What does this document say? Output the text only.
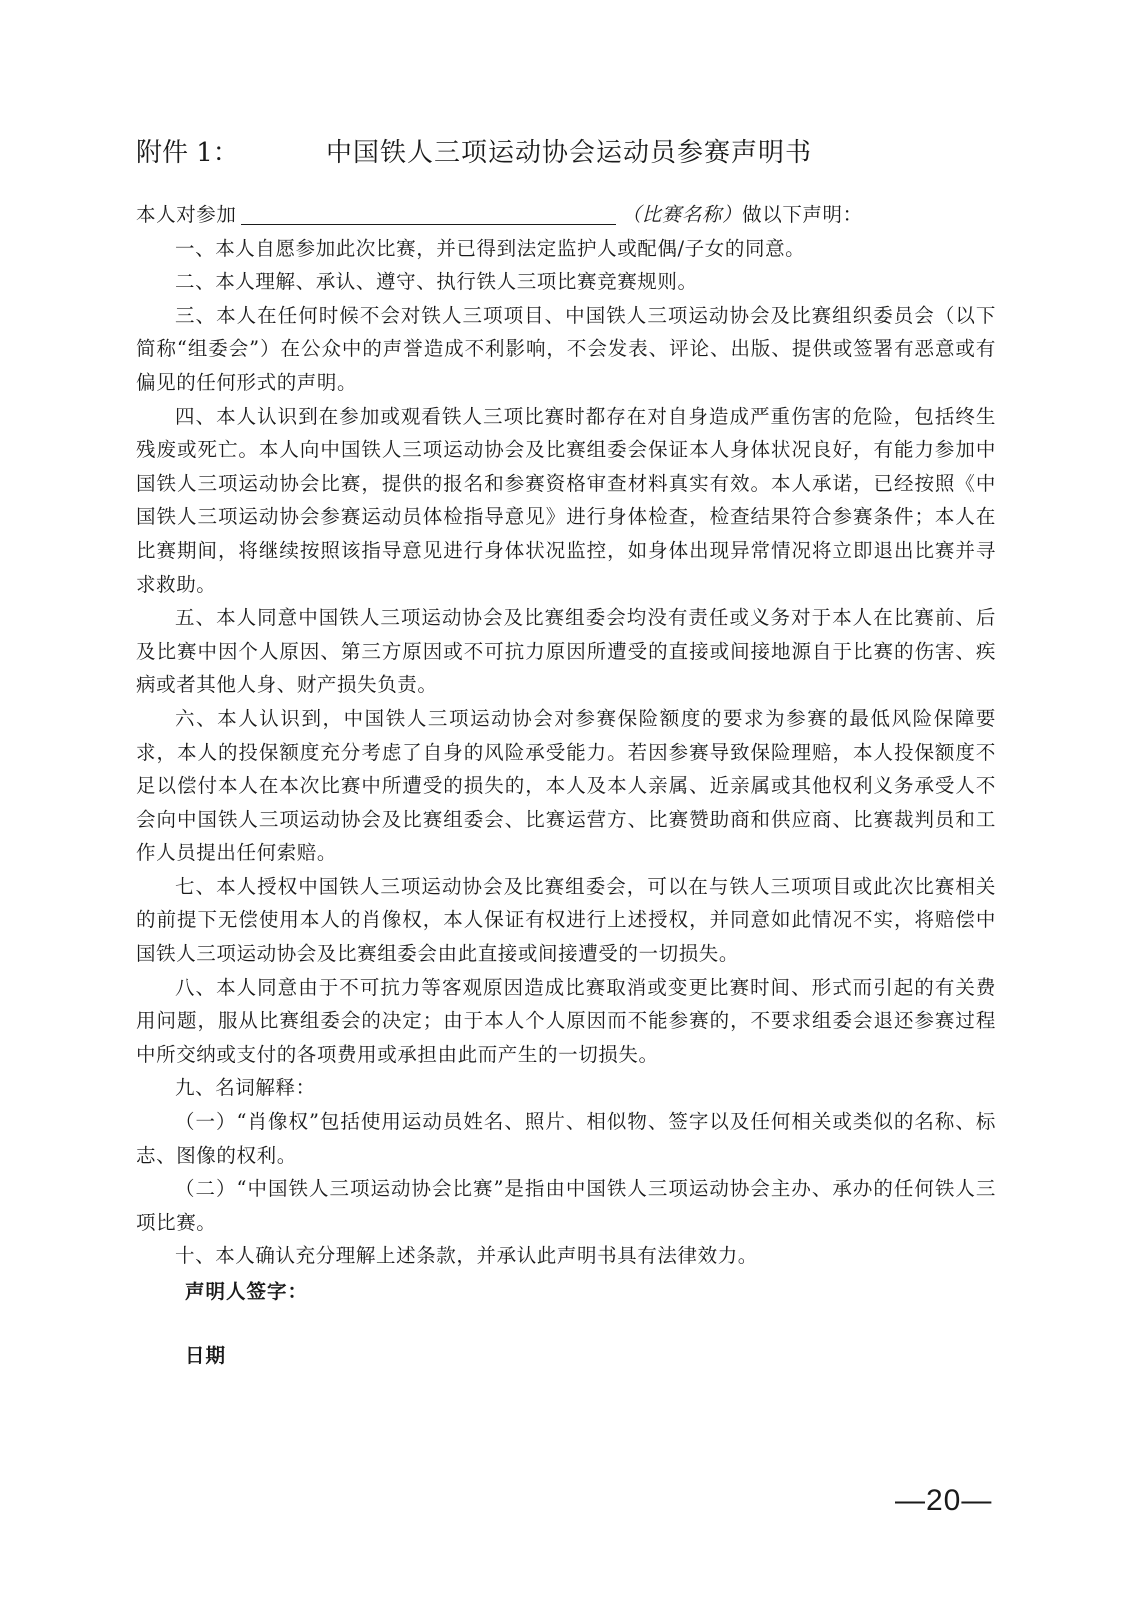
附件 1：	中国铁人三项运动协会运动员参赛声明书

本人对参加	（比赛名称）做以下声明：

一、本人自愿参加此次比赛，并已得到法定监护人或配偶/子女的同意。

二、本人理解、承认、遵守、执行铁人三项比赛竞赛规则。

三、本人在任何时候不会对铁人三项项目、中国铁人三项运动协会及比赛组织委员会（以下简称“组委会”）在公众中的声誉造成不利影响，不会发表、评论、出版、提供或签署有恶意或有偏见的任何形式的声明。

四、本人认识到在参加或观看铁人三项比赛时都存在对自身造成严重伤害的危险，包括终生残废或死亡。本人向中国铁人三项运动协会及比赛组委会保证本人身体状况良好，有能力参加中国铁人三项运动协会比赛，提供的报名和参赛资格审查材料真实有效。本人承诺，已经按照《中国铁人三项运动协会参赛运动员体检指导意见》进行身体检查，检查结果符合参赛条件；本人在比赛期间，将继续按照该指导意见进行身体状况监控，如身体出现异常情况将立即退出比赛并寻求救助。

五、本人同意中国铁人三项运动协会及比赛组委会均没有责任或义务对于本人在比赛前、后及比赛中因个人原因、第三方原因或不可抗力原因所遭受的直接或间接地源自于比赛的伤害、疾病或者其他人身、财产损失负责。

六、本人认识到，中国铁人三项运动协会对参赛保险额度的要求为参赛的最低风险保障要求，本人的投保额度充分考虑了自身的风险承受能力。若因参赛导致保险理赔，本人投保额度不足以偿付本人在本次比赛中所遭受的损失的，本人及本人亲属、近亲属或其他权利义务承受人不会向中国铁人三项运动协会及比赛组委会、比赛运营方、比赛赞助商和供应商、比赛裁判员和工作人员提出任何索赔。

七、本人授权中国铁人三项运动协会及比赛组委会，可以在与铁人三项项目或此次比赛相关的前提下无偿使用本人的肖像权，本人保证有权进行上述授权，并同意如此情况不实，将赔偿中国铁人三项运动协会及比赛组委会由此直接或间接遭受的一切损失。

八、本人同意由于不可抗力等客观原因造成比赛取消或变更比赛时间、形式而引起的有关费用问题，服从比赛组委会的决定；由于本人个人原因而不能参赛的，不要求组委会退还参赛过程中所交纳或支付的各项费用或承担由此而产生的一切损失。

九、名词解释：

（一）“肖像权”包括使用运动员姓名、照片、相似物、签字以及任何相关或类似的名称、标志、图像的权利。

（二）“中国铁人三项运动协会比赛”是指由中国铁人三项运动协会主办、承办的任何铁人三项比赛。

十、本人确认充分理解上述条款，并承认此声明书具有法律效力。

声明人签字：
日期
—20—
